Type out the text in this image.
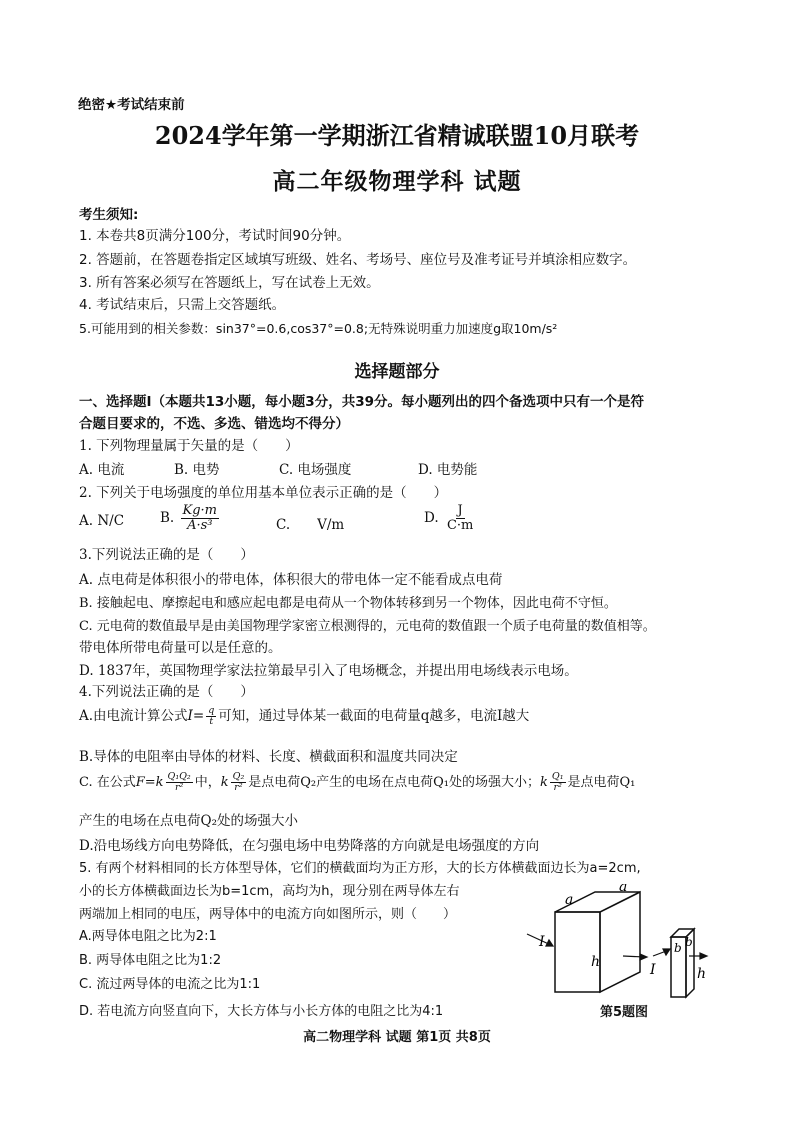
绝密★考试结束前
2024学年第一学期浙江省精诚联盟10月联考
高二年级物理学科 试题
考生须知:
1. 本卷共8页满分100分，考试时间90分钟。
2. 答题前，在答题卷指定区域填写班级、姓名、考场号、座位号及准考证号并填涂相应数字。
3. 所有答案必须写在答题纸上，写在试卷上无效。
4. 考试结束后，只需上交答题纸。
5.可能用到的相关参数：sin37°=0.6,cos37°=0.8;无特殊说明重力加速度g取10m/s²
选择题部分
一、选择题Ⅰ（本题共13小题，每小题3分，共39分。每小题列出的四个备选项中只有一个是符
合题目要求的，不选、多选、错选均不得分）
1. 下列物理量属于矢量的是（　　）
A. 电流	B. 电势	C. 电场强度	D. 电势能
2. 下列关于电场强度的单位用基本单位表示正确的是（　　）
A. N/C	B. $\frac{Kg\cdot m}{\text{A·s³}}$	C.　　V/m	D. $\frac{J}{C\cdot m}$
3.下列说法正确的是（　　）
A. 点电荷是体积很小的带电体，体积很大的带电体一定不能看成点电荷
B. 接触起电、摩擦起电和感应起电都是电荷从一个物体转移到另一个物体，因此电荷不守恒。
C. 元电荷的数值最早是由美国物理学家密立根测得的，元电荷的数值跟一个质子电荷量的数值相等。
带电体所带电荷量可以是任意的。
D. 1837年，英国物理学家法拉第最早引入了电场概念，并提出用电场线表示电场。
4.下列说法正确的是（　　）
A.由电流计算公式$I= \frac{q}{t}$ 可知，通过导体某一截面的电荷量q越多，电流I越大
B.导体的电阻率由导体的材料、长度、横截面积和温度共同决定
C. 在公式$F=k \frac{\text{Q₁Q₂}}{\text{r²}}$ 中，k $\frac{\text{Q₂}}{\text{r²}}$ 是点电荷Q₂产生的电场在点电荷Q₁处的场强大小；k $\frac{\text{Q₁}}{\text{r²}}$ 是点电荷Q₁
产生的电场在点电荷Q₂处的场强大小
D.沿电场线方向电势降低，在匀强电场中电势降落的方向就是电场强度的方向
5. 有两个材料相同的长方体型导体，它们的横截面均为正方形，大的长方体横截面边长为a=2cm,
小的长方体横截面边长为b=1cm，高均为h，现分别在两导体左右
两端加上相同的电压，两导体中的电流方向如图所示，则（　　）
A.两导体电阻之比为2:1
B. 两导体电阻之比为1:2
C. 流过两导体的电流之比为1:1
D. 若电流方向竖直向下，大长方体与小长方体的电阻之比为4:1
a
a
h
I
I
b b
h
第5题图
高二物理学科 试题 第1页 共8页
